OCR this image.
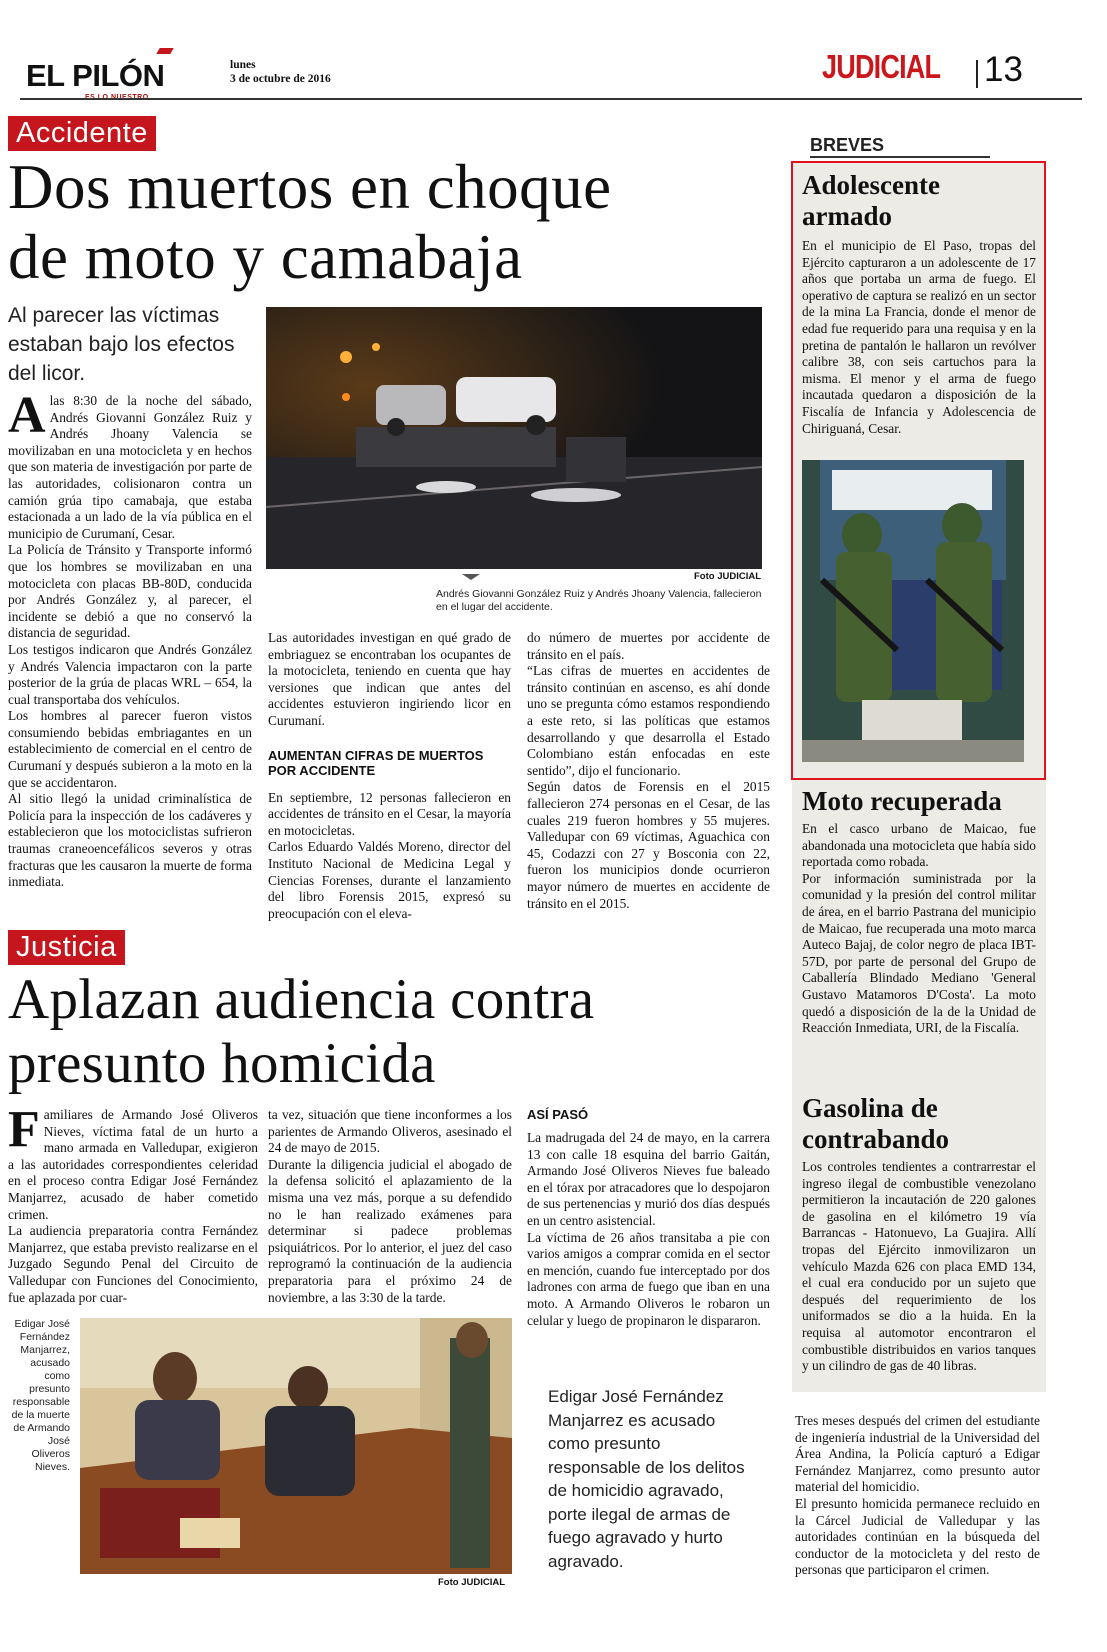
EL PILÓN	lunes
3 de octubre de 2016	JUDICIAL 13
Accidente
Dos muertos en choque
de moto y camabaja
Al parecer las víctimas estaban bajo los efectos del licor.
A las 8:30 de la noche del sábado, Andrés Giovanni González Ruiz y Andrés Jhoany Valencia se movilizaban en una motocicleta y en hechos que son materia de investigación por parte de las autoridades, colisionaron contra un camión grúa tipo camabaja, que estaba estacionada a un lado de la vía pública en el municipio de Curumaní, Cesar.

La Policía de Tránsito y Transporte informó que los hombres se movilizaban en una motocicleta con placas BB-80D, conducida por Andrés González y, al parecer, el incidente se debió a que no conservó la distancia de seguridad.

Los testigos indicaron que Andrés González y Andrés Valencia impactaron con la parte posterior de la grúa de placas WRL – 654, la cual transportaba dos vehículos.

Los hombres al parecer fueron vistos consumiendo bebidas embriagantes en un establecimiento de comercial en el centro de Curumaní y después subieron a la moto en la que se accidentaron.

Al sitio llegó la unidad criminalística de Policía para la inspección de los cadáveres y establecieron que los motociclistas sufrieron traumas craneoencefálicos severos y otras fracturas que les causaron la muerte de forma inmediata.

Foto JUDICIAL
Andrés Giovanni González Ruiz y Andrés Jhoany Valencia, fallecieron en el lugar del accidente.

Las autoridades investigan en qué grado de embriaguez se encontraban los ocupantes de la motocicleta, teniendo en cuenta que hay versiones que indican que antes del accidentes estuvieron ingiriendo licor en Curumaní.

AUMENTAN CIFRAS DE MUERTOS POR ACCIDENTE

En septiembre, 12 personas fallecieron en accidentes de tránsito en el Cesar, la mayoría en motocicletas.

Carlos Eduardo Valdés Moreno, director del Instituto Nacional de Medicina Legal y Ciencias Forenses, durante el lanzamiento del libro Forensis 2015, expresó su preocupación con el eleva-

do número de muertes por accidente de tránsito en el país.

“Las cifras de muertes en accidentes de tránsito continúan en ascenso, es ahí donde uno se pregunta cómo estamos respondiendo a este reto, si las políticas que estamos desarrollando y que desarrolla el Estado Colombiano están enfocadas en este sentido”, dijo el funcionario.

Según datos de Forensis en el 2015 fallecieron 274 personas en el Cesar, de las cuales 219 fueron hombres y 55 mujeres. Valledupar con 69 víctimas, Aguachica con 45, Codazzi con 27 y Bosconia con 22, fueron los municipios donde ocurrieron mayor número de muertes en accidente de tránsito en el 2015.

Justicia
Aplazan audiencia contra
presunto homicida
F amiliares de Armando José Oliveros Nieves, víctima fatal de un hurto a mano armada en Valledupar, exigieron a las autoridades correspondientes celeridad en el proceso contra Edigar José Fernández Manjarrez, acusado de haber cometido crimen.

La audiencia preparatoria contra Fernández Manjarrez, que estaba previsto realizarse en el Juzgado Segundo Penal del Circuito de Valledupar con Funciones del Conocimiento, fue aplazada por cuar-

ta vez, situación que tiene inconformes a los parientes de Armando Oliveros, asesinado el 24 de mayo de 2015.

Durante la diligencia judicial el abogado de la defensa solicitó el aplazamiento de la misma una vez más, porque a su defendido no le han realizado exámenes para determinar si padece problemas psiquiátricos. Por lo anterior, el juez del caso reprogramó la continuación de la audiencia preparatoria para el próximo 24 de noviembre, a las 3:30 de la tarde.

ASÍ PASÓ

La madrugada del 24 de mayo, en la carrera 13 con calle 18 esquina del barrio Gaitán, Armando José Oliveros Nieves fue baleado en el tórax por atracadores que lo despojaron de sus pertenencias y murió dos días después en un centro asistencial.

La víctima de 26 años transitaba a pie con varios amigos a comprar comida en el sector en mención, cuando fue interceptado por dos ladrones con arma de fuego que iban en una moto. A Armando Oliveros le robaron un celular y luego de propinaron le dispararon.

Edigar José Fernández Manjarrez, acusado como presunto responsable de la muerte de Armando José Oliveros Nieves.
Foto JUDICIAL
Edigar José Fernández Manjarrez es acusado como presunto responsable de los delitos de homicidio agravado, porte ilegal de armas de fuego agravado y hurto agravado.
BREVES
Adolescente armado

En el municipio de El Paso, tropas del Ejército capturaron a un adolescente de 17 años que portaba un arma de fuego. El operativo de captura se realizó en un sector de la mina La Francia, donde el menor de edad fue requerido para una requisa y en la pretina de pantalón le hallaron un revólver calibre 38, con seis cartuchos para la misma. El menor y el arma de fuego incautada quedaron a disposición de la Fiscalía de Infancia y Adolescencia de Chiriguaná, Cesar.

Moto recuperada

En el casco urbano de Maicao, fue abandonada una motocicleta que había sido reportada como robada.

Por información suministrada por la comunidad y la presión del control militar de área, en el barrio Pastrana del municipio de Maicao, fue recuperada una moto marca Auteco Bajaj, de color negro de placa IBT-57D, por parte de personal del Grupo de Caballería Blindado Mediano 'General Gustavo Matamoros D'Costa'. La moto quedó a disposición de la de la Unidad de Reacción Inmediata, URI, de la Fiscalía.

Gasolina de contrabando

Los controles tendientes a contrarrestar el ingreso ilegal de combustible venezolano permitieron la incautación de 220 galones de gasolina en el kilómetro 19 vía Barrancas - Hatonuevo, La Guajira. Allí tropas del Ejército inmovilizaron un vehículo Mazda 626 con placa EMD 134, el cual era conducido por un sujeto que después del requerimiento de los uniformados se dio a la huida. En la requisa al automotor encontraron el combustible distribuidos en varios tanques y un cilindro de gas de 40 libras.

Tres meses después del crimen del estudiante de ingeniería industrial de la Universidad del Área Andina, la Policía capturó a Edigar Fernández Manjarrez, como presunto autor material del homicidio.

El presunto homicida permanece recluido en la Cárcel Judicial de Valledupar y las autoridades continúan en la búsqueda del conductor de la motocicleta y del resto de personas que participaron el crimen.
